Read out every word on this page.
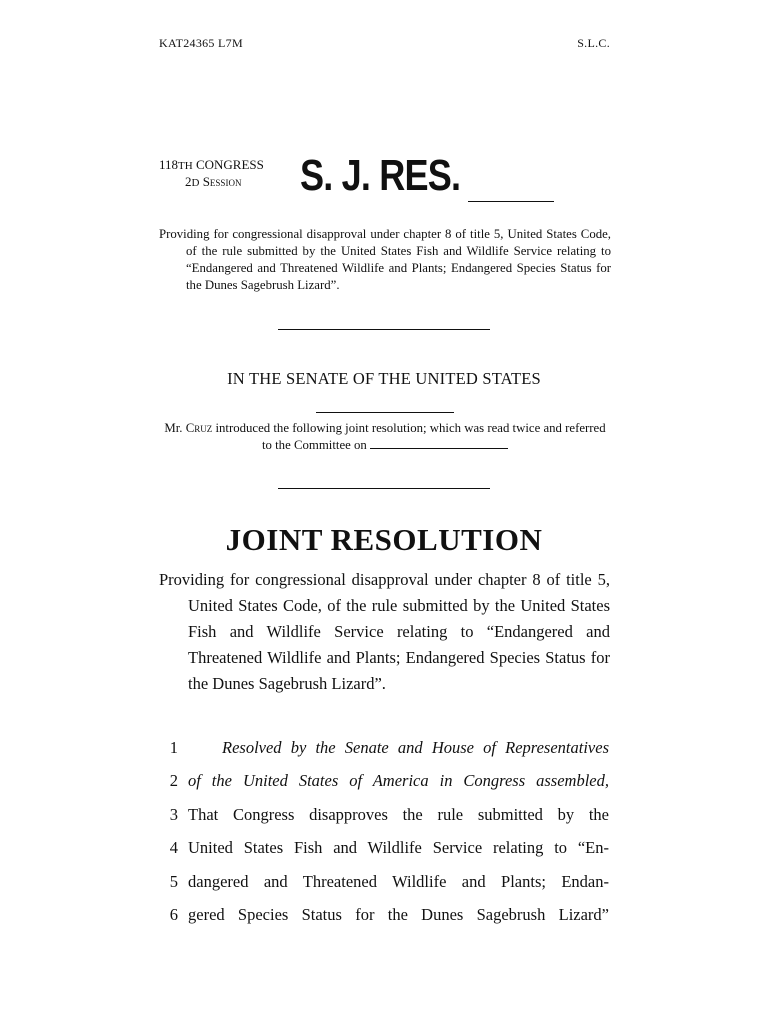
KAT24365 L7M	S.L.C.
118TH CONGRESS
2D Session	S. J. RES.
Providing for congressional disapproval under chapter 8 of title 5, United States Code, of the rule submitted by the United States Fish and Wildlife Service relating to “Endangered and Threatened Wildlife and Plants; Endangered Species Status for the Dunes Sagebrush Lizard”.
IN THE SENATE OF THE UNITED STATES
Mr. Cruz introduced the following joint resolution; which was read twice and referred to the Committee on
JOINT RESOLUTION
Providing for congressional disapproval under chapter 8 of title 5, United States Code, of the rule submitted by the United States Fish and Wildlife Service relating to “Endangered and Threatened Wildlife and Plants; Endangered Species Status for the Dunes Sagebrush Lizard”.
1	Resolved by the Senate and House of Representatives
2 of the United States of America in Congress assembled,
3 That Congress disapproves the rule submitted by the
4 United States Fish and Wildlife Service relating to “En-
5 dangered and Threatened Wildlife and Plants; Endan-
6 gered Species Status for the Dunes Sagebrush Lizard”
